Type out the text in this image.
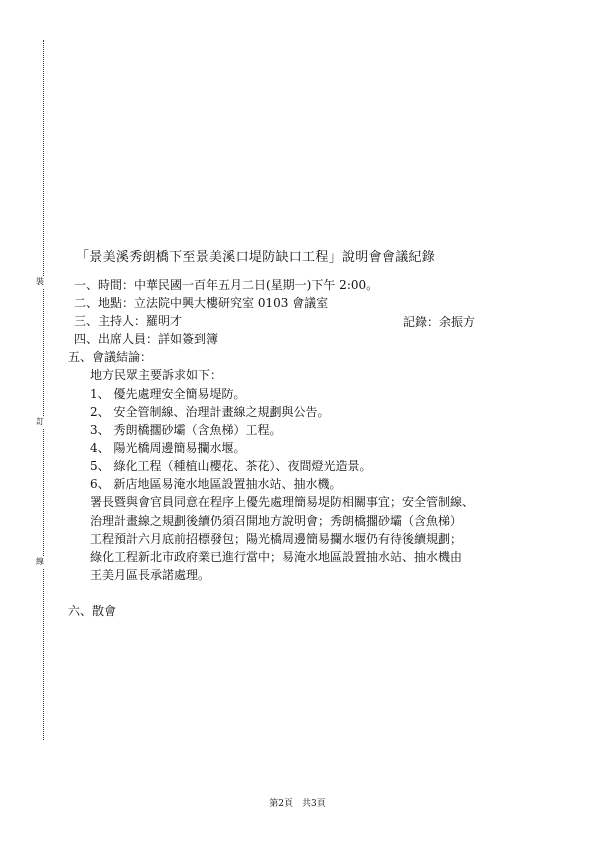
裝
訂
線
「景美溪秀朗橋下至景美溪口堤防缺口工程」說明會會議紀錄
一、時間：中華民國一百年五月二日(星期一)下午 2:00。
二、地點：立法院中興大樓研究室 0103 會議室
三、主持人：羅明才	記錄：余振方
四、出席人員：詳如簽到簿
五、會議結論：
地方民眾主要訴求如下：
1、 優先處理安全簡易堤防。
2、 安全管制線、治理計畫線之規劃與公告。
3、 秀朗橋擱砂壩（含魚梯）工程。
4、 陽光橋周邊簡易攔水堰。
5、 綠化工程（種植山櫻花、茶花）、夜間燈光造景。
6、 新店地區易淹水地區設置抽水站、抽水機。
署長暨與會官員同意在程序上優先處理簡易堤防相關事宜；安全管制線、
治理計畫線之規劃後續仍須召開地方說明會；秀朗橋擱砂壩（含魚梯）
工程預計六月底前招標發包；陽光橋周邊簡易攔水堰仍有待後續規劃；
綠化工程新北市政府業已進行當中；易淹水地區設置抽水站、抽水機由
王美月區長承諾處理。
六、散會
第2頁　共3頁
